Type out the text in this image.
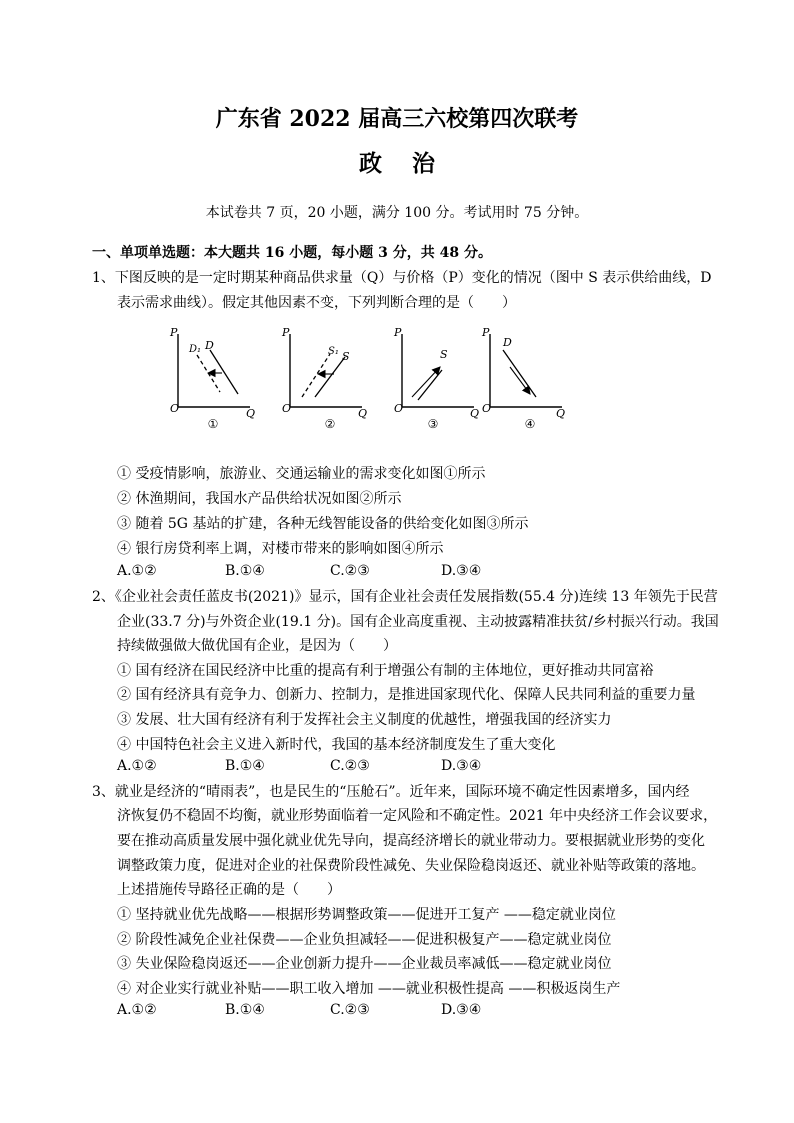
广东省 2022 届高三六校第四次联考
政治
本试卷共 7 页，20 小题，满分 100 分。考试用时 75 分钟。
一、单项单选题：本大题共 16 小题，每小题 3 分，共 48 分。
1、下图反映的是一定时期某种商品供求量（Q）与价格（P）变化的情况（图中 S 表示供给曲线，D
表示需求曲线）。假定其他因素不变，下列判断合理的是（　　）
P
O	Q
D₁ D
①
P
O	Q
S₁ S
②
P
O	Q
S
③
P
O	Q
D
④
① 受疫情影响，旅游业、交通运输业的需求变化如图①所示
② 休渔期间，我国水产品供给状况如图②所示
③ 随着 5G 基站的扩建，各种无线智能设备的供给变化如图③所示
④ 银行房贷利率上调，对楼市带来的影响如图④所示
A.①②	B.①④	C.②③	D.③④
2、《企业社会责任蓝皮书(2021)》显示，国有企业社会责任发展指数(55.4 分)连续 13 年领先于民营
企业(33.7 分)与外资企业(19.1 分)。国有企业高度重视、主动披露精准扶贫/乡村振兴行动。我国
持续做强做大做优国有企业，是因为（　　）
① 国有经济在国民经济中比重的提高有利于增强公有制的主体地位，更好推动共同富裕
② 国有经济具有竞争力、创新力、控制力，是推进国家现代化、保障人民共同利益的重要力量
③ 发展、壮大国有经济有利于发挥社会主义制度的优越性，增强我国的经济实力
④ 中国特色社会主义进入新时代，我国的基本经济制度发生了重大变化
A.①②	B.①④	C.②③	D.③④
3、就业是经济的“晴雨表”，也是民生的“压舱石”。近年来，国际环境不确定性因素增多，国内经
济恢复仍不稳固不均衡，就业形势面临着一定风险和不确定性。2021 年中央经济工作会议要求，
要在推动高质量发展中强化就业优先导向，提高经济增长的就业带动力。要根据就业形势的变化
调整政策力度，促进对企业的社保费阶段性减免、失业保险稳岗返还、就业补贴等政策的落地。
上述措施传导路径正确的是（　　）
① 坚持就业优先战略——根据形势调整政策——促进开工复产 ——稳定就业岗位
② 阶段性减免企业社保费——企业负担减轻——促进积极复产——稳定就业岗位
③ 失业保险稳岗返还——企业创新力提升——企业裁员率减低——稳定就业岗位
④ 对企业实行就业补贴——职工收入增加 ——就业积极性提高 ——积极返岗生产
A.①②	B.①④	C.②③	D.③④
